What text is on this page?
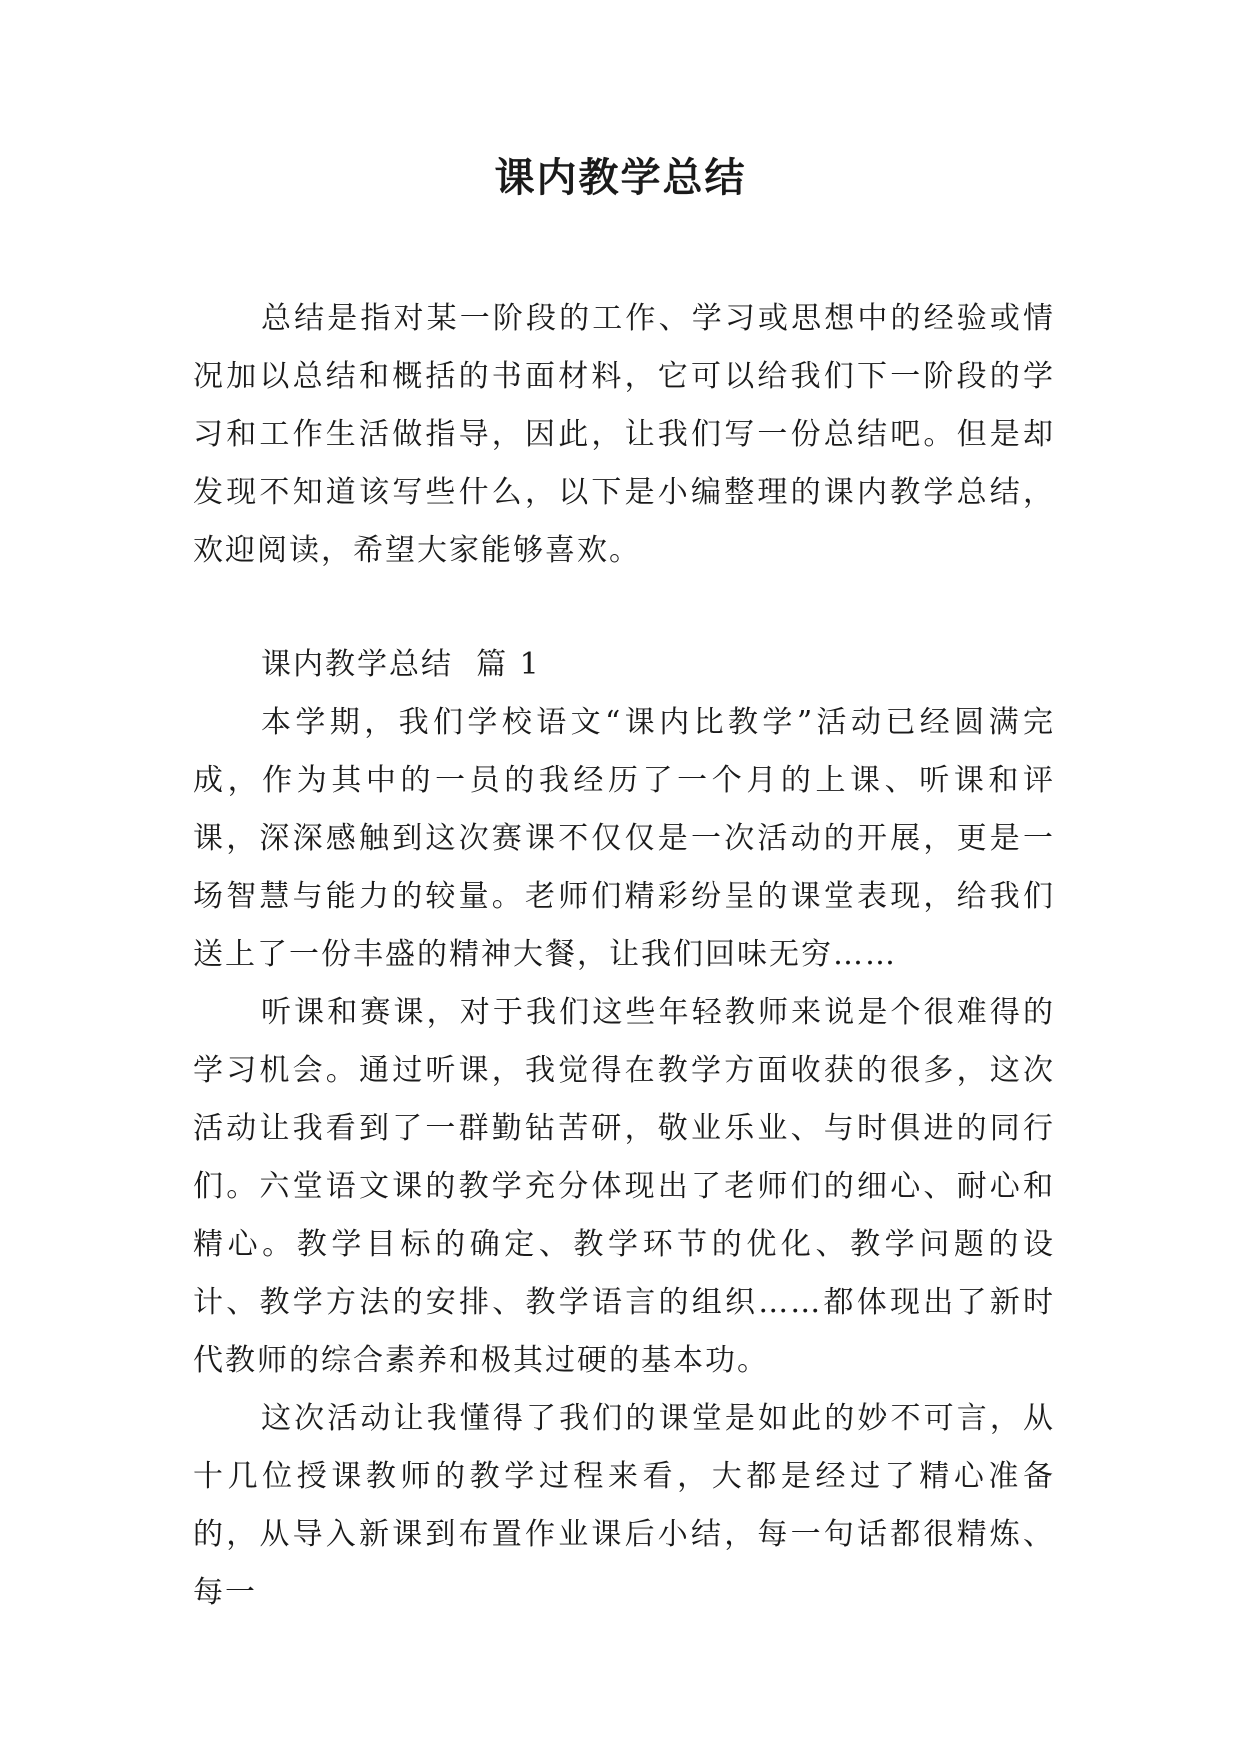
课内教学总结

总结是指对某一阶段的工作、学习或思想中的经验或情况加以总结和概括的书面材料，它可以给我们下一阶段的学习和工作生活做指导，因此，让我们写一份总结吧。但是却发现不知道该写些什么，以下是小编整理的课内教学总结，欢迎阅读，希望大家能够喜欢。

课内教学总结  篇 1

本学期，我们学校语文“课内比教学”活动已经圆满完成，作为其中的一员的我经历了一个月的上课、听课和评课，深深感触到这次赛课不仅仅是一次活动的开展，更是一场智慧与能力的较量。老师们精彩纷呈的课堂表现，给我们送上了一份丰盛的精神大餐，让我们回味无穷……

听课和赛课，对于我们这些年轻教师来说是个很难得的学习机会。通过听课，我觉得在教学方面收获的很多，这次活动让我看到了一群勤钻苦研，敬业乐业、与时俱进的同行们。六堂语文课的教学充分体现出了老师们的细心、耐心和精心。教学目标的确定、教学环节的优化、教学问题的设计、教学方法的安排、教学语言的组织……都体现出了新时代教师的综合素养和极其过硬的基本功。

这次活动让我懂得了我们的课堂是如此的妙不可言，从十几位授课教师的教学过程来看，大都是经过了精心准备的，从导入新课到布置作业课后小结，每一句话都很精炼、每一
